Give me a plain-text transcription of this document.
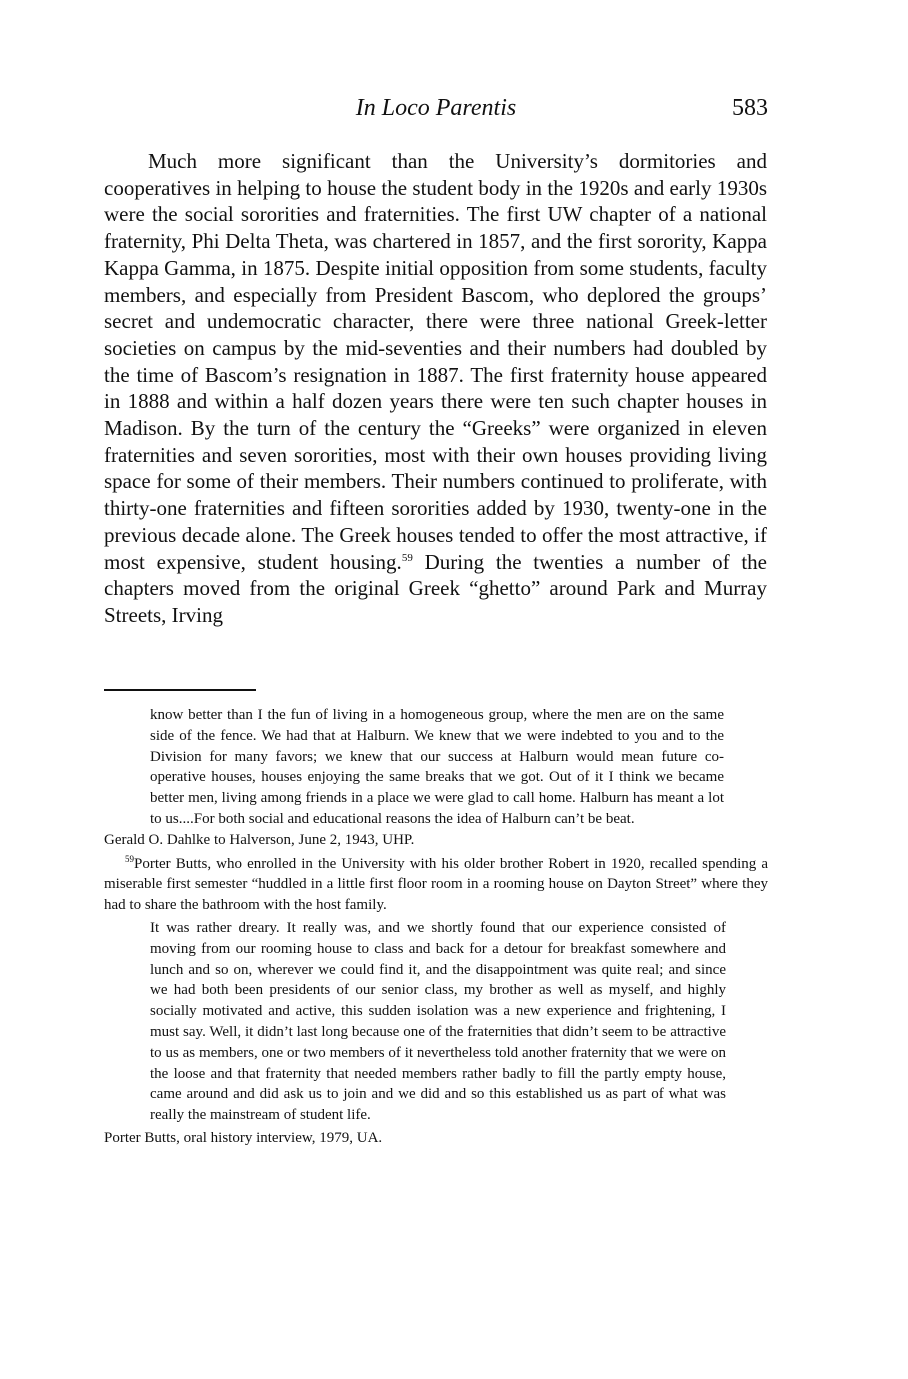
In Loco Parentis	583

Much more significant than the University’s dormitories and cooperatives in helping to house the student body in the 1920s and early 1930s were the social sororities and fraternities. The first UW chapter of a national fraternity, Phi Delta Theta, was chartered in 1857, and the first sorority, Kappa Kappa Gamma, in 1875. Despite initial opposition from some students, faculty members, and especially from President Bascom, who deplored the groups’ secret and undemocratic character, there were three national Greek-letter societies on campus by the mid-seventies and their numbers had doubled by the time of Bascom’s resignation in 1887. The first fraternity house appeared in 1888 and within a half dozen years there were ten such chapter houses in Madison. By the turn of the century the “Greeks” were organized in eleven fraternities and seven sororities, most with their own houses providing living space for some of their members. Their numbers continued to proliferate, with thirty-one fraternities and fifteen sororities added by 1930, twenty-one in the previous decade alone. The Greek houses tended to offer the most attractive, if most expensive, student housing.$^{59}$ During the twenties a number of the chapters moved from the original Greek “ghetto” around Park and Murray Streets, Irving

know better than I the fun of living in a homogeneous group, where the men are on the same side of the fence. We had that at Halburn. We knew that we were indebted to you and to the Division for many favors; we knew that our success at Halburn would mean future co-operative houses, houses enjoying the same breaks that we got. Out of it I think we became better men, living among friends in a place we were glad to call home. Halburn has meant a lot to us....For both social and educational reasons the idea of Halburn can’t be beat.

Gerald O. Dahlke to Halverson, June 2, 1943, UHP.

$^{59}$Porter Butts, who enrolled in the University with his older brother Robert in 1920, recalled spending a miserable first semester “huddled in a little first floor room in a rooming house on Dayton Street” where they had to share the bathroom with the host family.

It was rather dreary. It really was, and we shortly found that our experience consisted of moving from our rooming house to class and back for a detour for breakfast somewhere and lunch and so on, wherever we could find it, and the disappointment was quite real; and since we had both been presidents of our senior class, my brother as well as myself, and highly socially motivated and active, this sudden isolation was a new experience and frightening, I must say. Well, it didn’t last long because one of the fraternities that didn’t seem to be attractive to us as members, one or two members of it nevertheless told another fraternity that we were on the loose and that fraternity that needed members rather badly to fill the partly empty house, came around and did ask us to join and we did and so this established us as part of what was really the mainstream of student life.

Porter Butts, oral history interview, 1979, UA.
